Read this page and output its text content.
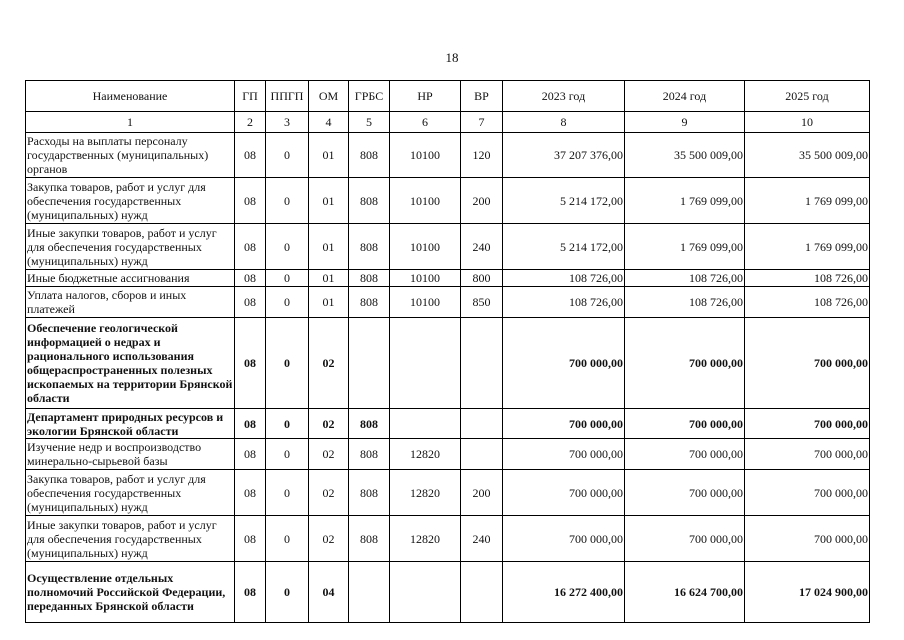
18
Наименование	ГП	ППГП	ОМ	ГРБС	НР	ВР	2023 год	2024 год	2025 год
1	2	3	4	5	6	7	8	9	10
Расходы на выплаты персоналу государственных (муниципальных) органов	08	0	01	808	10100	120	37 207 376,00	35 500 009,00	35 500 009,00
Закупка товаров, работ и услуг для обеспечения государственных (муниципальных) нужд	08	0	01	808	10100	200	5 214 172,00	1 769 099,00	1 769 099,00
Иные закупки товаров, работ и услуг для обеспечения государственных (муниципальных) нужд	08	0	01	808	10100	240	5 214 172,00	1 769 099,00	1 769 099,00
Иные бюджетные ассигнования	08	0	01	808	10100	800	108 726,00	108 726,00	108 726,00
Уплата налогов, сборов и иных платежей	08	0	01	808	10100	850	108 726,00	108 726,00	108 726,00
Обеспечение геологической информацией о недрах и рационального использования общераспространенных полезных ископаемых на территории Брянской области	08	0	02				700 000,00	700 000,00	700 000,00
Департамент природных ресурсов и экологии Брянской области	08	0	02	808			700 000,00	700 000,00	700 000,00
Изучение недр и воспроизводство минерально-сырьевой базы	08	0	02	808	12820		700 000,00	700 000,00	700 000,00
Закупка товаров, работ и услуг для обеспечения государственных (муниципальных) нужд	08	0	02	808	12820	200	700 000,00	700 000,00	700 000,00
Иные закупки товаров, работ и услуг для обеспечения государственных (муниципальных) нужд	08	0	02	808	12820	240	700 000,00	700 000,00	700 000,00
Осуществление отдельных полномочий Российской Федерации, переданных Брянской области	08	0	04				16 272 400,00	16 624 700,00	17 024 900,00
